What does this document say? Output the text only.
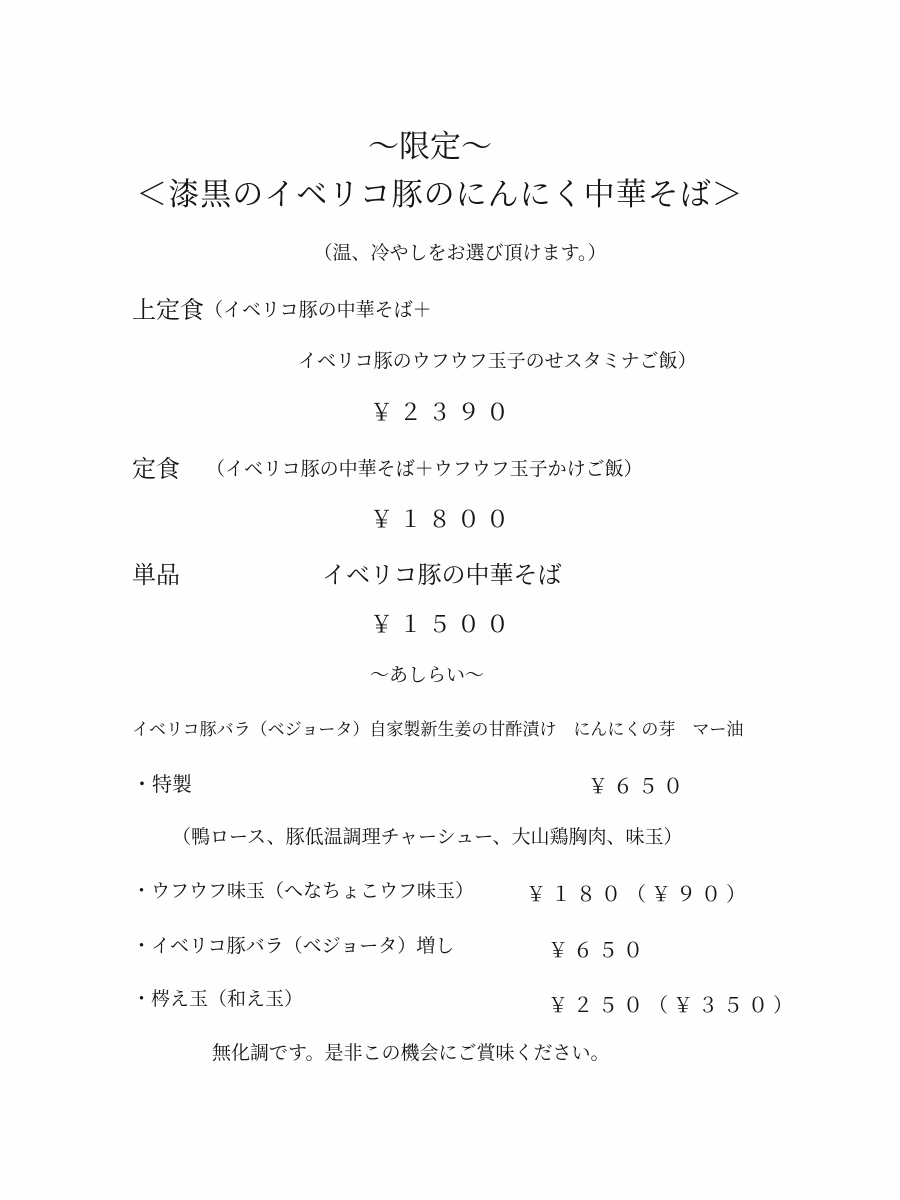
～限定～
＜漆黒のイベリコ豚のにんにく中華そば＞
（温、冷やしをお選び頂けます。）
上定食 （イベリコ豚の中華そば＋
イベリコ豚のウフウフ玉子のせスタミナご飯）
￥２３９０
定食 （イベリコ豚の中華そば＋ウフウフ玉子かけご飯）
￥１８００
単品	イベリコ豚の中華そば
￥１５００
～あしらい～
イベリコ豚バラ（ベジョータ）自家製新生姜の甘酢漬け　にんにくの芽　マー油
・特製	￥６５０
（鴨ロース、豚低温調理チャーシュー、大山鶏胸肉、味玉）
・ウフウフ味玉（へなちょこウフ味玉）	￥１８０（￥９０）
・イベリコ豚バラ（ベジョータ）増し	￥６５０
・梣え玉（和え玉）	￥２５０（￥３５０）
無化調です。是非この機会にご賞味ください。
